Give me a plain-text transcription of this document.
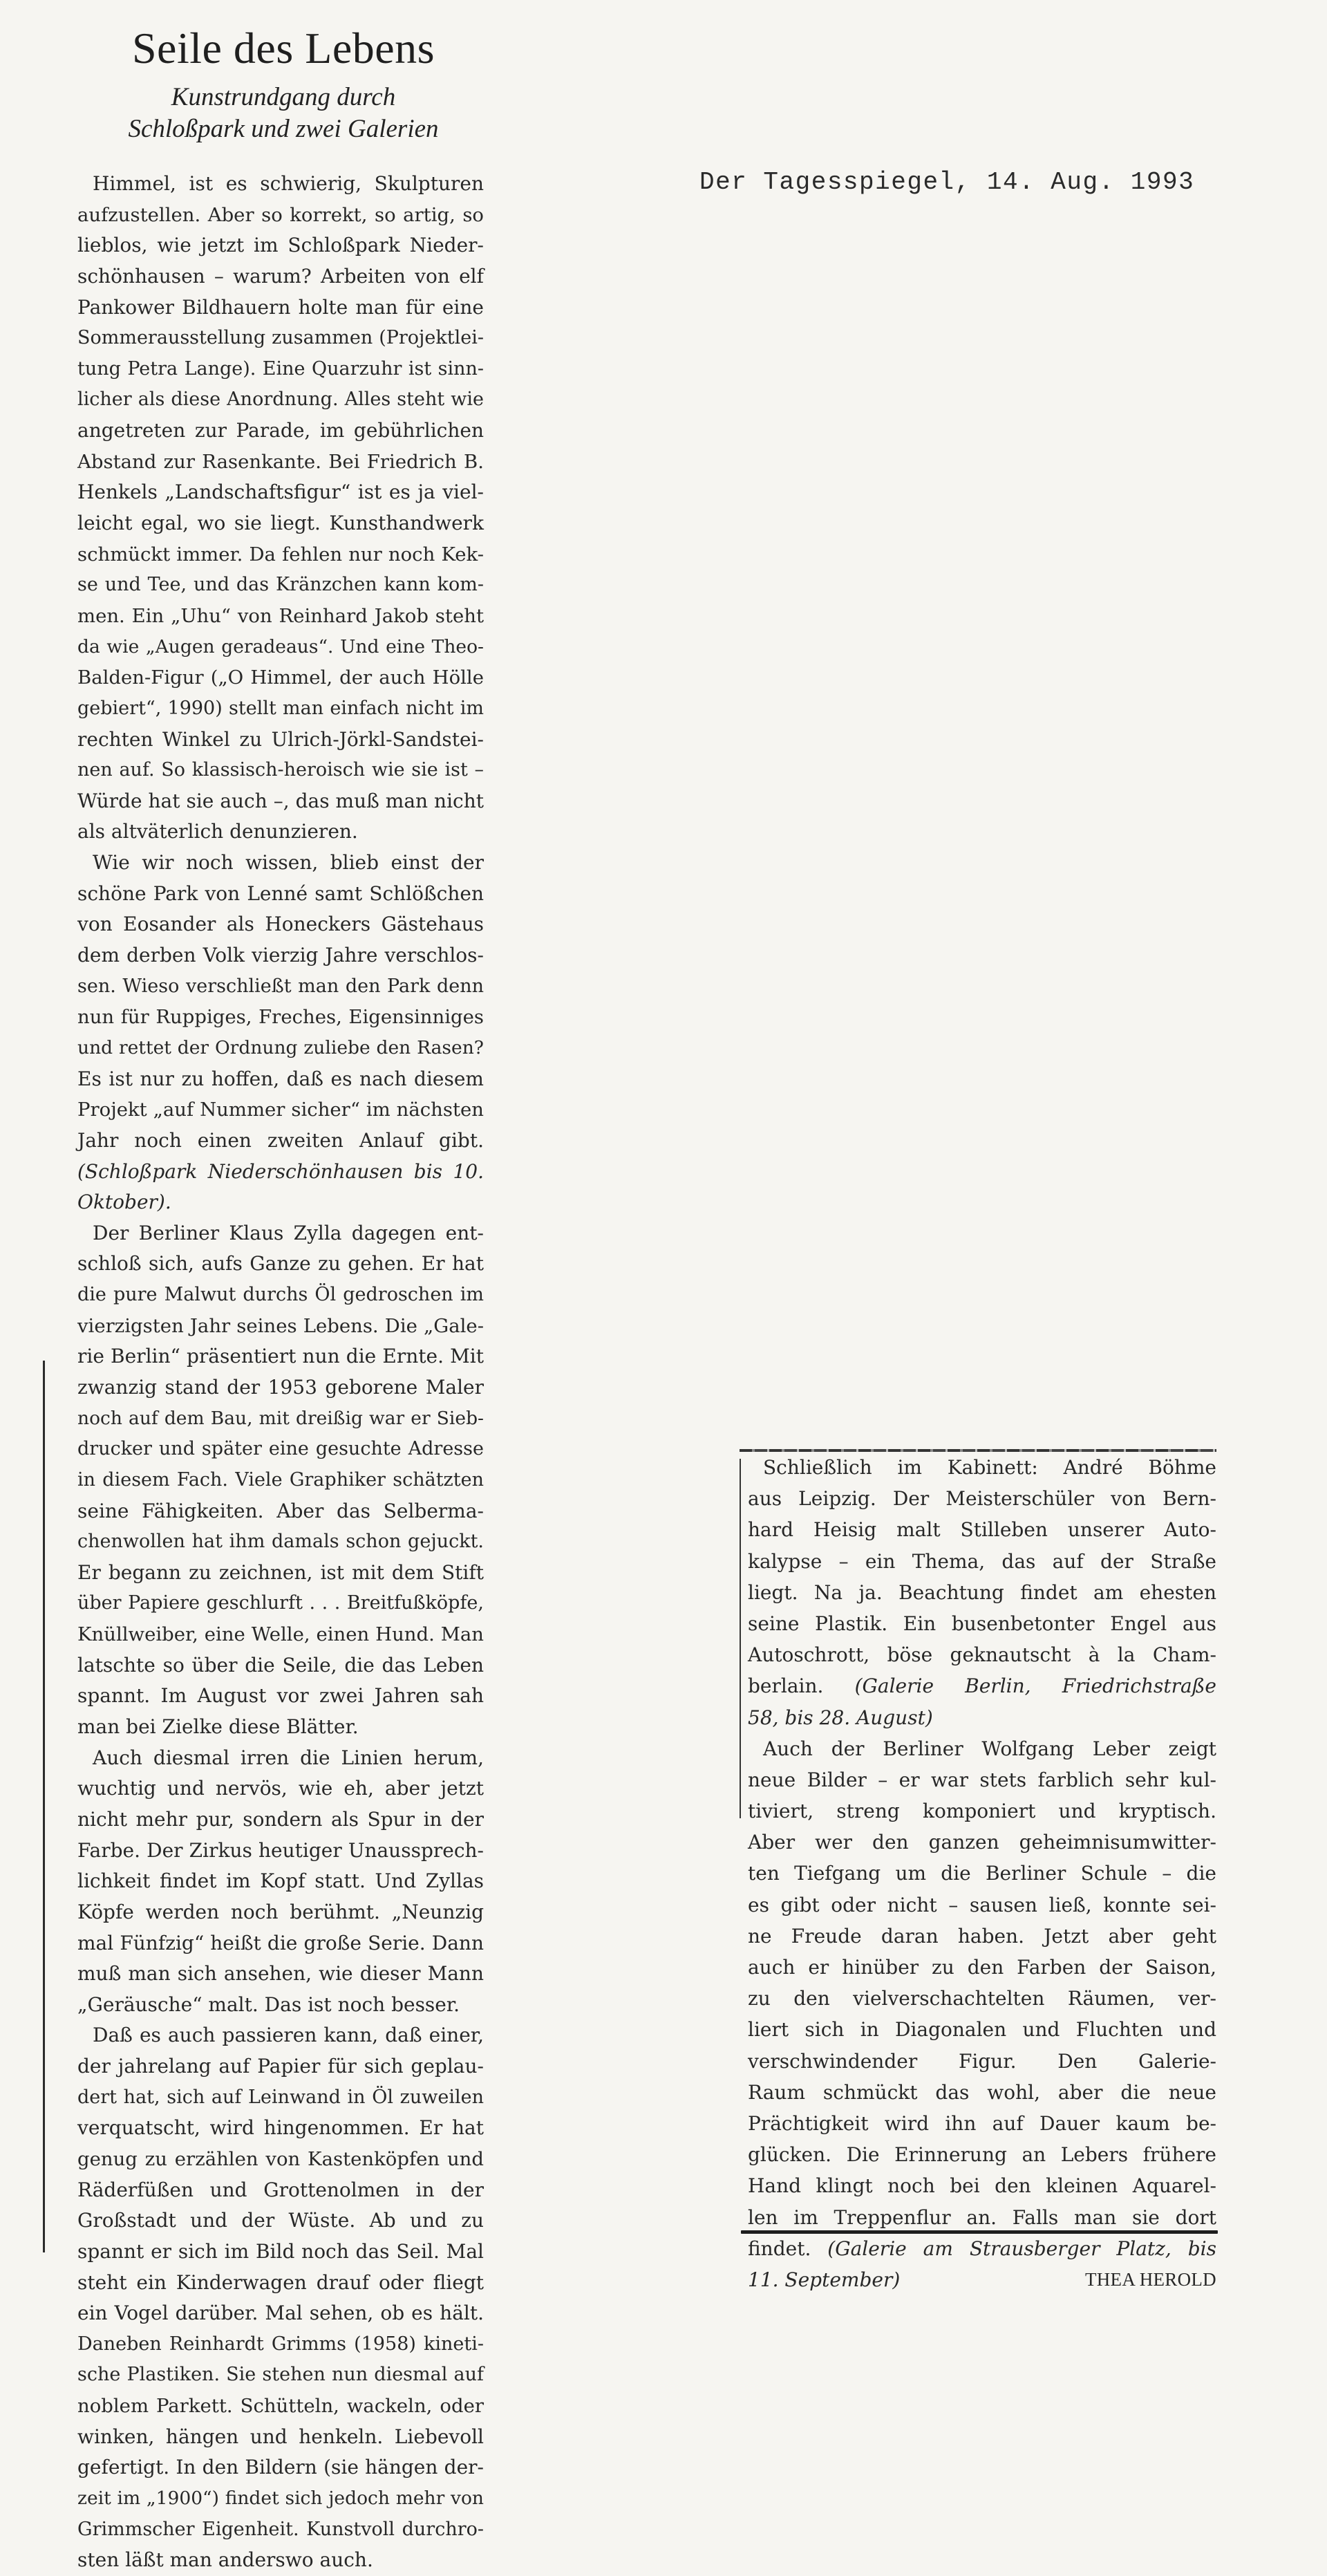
Seile des Lebens
Kunstrundgang durch
Schloßpark und zwei Galerien
Der Tagesspiegel, 14. Aug. 1993
Himmel, ist es schwierig, Skulpturen
aufzustellen. Aber so korrekt, so artig, so
lieblos, wie jetzt im Schloßpark Nieder-
schönhausen – warum? Arbeiten von elf
Pankower Bildhauern holte man für eine
Sommerausstellung zusammen (Projektlei-
tung Petra Lange). Eine Quarzuhr ist sinn-
licher als diese Anordnung. Alles steht wie
angetreten zur Parade, im gebührlichen
Abstand zur Rasenkante. Bei Friedrich B.
Henkels „Landschaftsfigur“ ist es ja viel-
leicht egal, wo sie liegt. Kunsthandwerk
schmückt immer. Da fehlen nur noch Kek-
se und Tee, und das Kränzchen kann kom-
men. Ein „Uhu“ von Reinhard Jakob steht
da wie „Augen geradeaus“. Und eine Theo-
Balden-Figur („O Himmel, der auch Hölle
gebiert“, 1990) stellt man einfach nicht im
rechten Winkel zu Ulrich-Jörkl-Sandstei-
nen auf. So klassisch-heroisch wie sie ist –
Würde hat sie auch –, das muß man nicht
als altväterlich denunzieren.
Wie wir noch wissen, blieb einst der
schöne Park von Lenné samt Schlößchen
von Eosander als Honeckers Gästehaus
dem derben Volk vierzig Jahre verschlos-
sen. Wieso verschließt man den Park denn
nun für Ruppiges, Freches, Eigensinniges
und rettet der Ordnung zuliebe den Rasen?
Es ist nur zu hoffen, daß es nach diesem
Projekt „auf Nummer sicher“ im nächsten
Jahr noch einen zweiten Anlauf gibt.
(Schloßpark Niederschönhausen bis 10.
Oktober).
Der Berliner Klaus Zylla dagegen ent-
schloß sich, aufs Ganze zu gehen. Er hat
die pure Malwut durchs Öl gedroschen im
vierzigsten Jahr seines Lebens. Die „Gale-
rie Berlin“ präsentiert nun die Ernte. Mit
zwanzig stand der 1953 geborene Maler
noch auf dem Bau, mit dreißig war er Sieb-
drucker und später eine gesuchte Adresse
in diesem Fach. Viele Graphiker schätzten
seine Fähigkeiten. Aber das Selberma-
chenwollen hat ihm damals schon gejuckt.
Er begann zu zeichnen, ist mit dem Stift
über Papiere geschlurft . . . Breitfußköpfe,
Knüllweiber, eine Welle, einen Hund. Man
latschte so über die Seile, die das Leben
spannt. Im August vor zwei Jahren sah
man bei Zielke diese Blätter.
Auch diesmal irren die Linien herum,
wuchtig und nervös, wie eh, aber jetzt
nicht mehr pur, sondern als Spur in der
Farbe. Der Zirkus heutiger Unaussprech-
lichkeit findet im Kopf statt. Und Zyllas
Köpfe werden noch berühmt. „Neunzig
mal Fünfzig“ heißt die große Serie. Dann
muß man sich ansehen, wie dieser Mann
„Geräusche“ malt. Das ist noch besser.
Daß es auch passieren kann, daß einer,
der jahrelang auf Papier für sich geplau-
dert hat, sich auf Leinwand in Öl zuweilen
verquatscht, wird hingenommen. Er hat
genug zu erzählen von Kastenköpfen und
Räderfüßen und Grottenolmen in der
Großstadt und der Wüste. Ab und zu
spannt er sich im Bild noch das Seil. Mal
steht ein Kinderwagen drauf oder fliegt
ein Vogel darüber. Mal sehen, ob es hält.
Daneben Reinhardt Grimms (1958) kineti-
sche Plastiken. Sie stehen nun diesmal auf
noblem Parkett. Schütteln, wackeln, oder
winken, hängen und henkeln. Liebevoll
gefertigt. In den Bildern (sie hängen der-
zeit im „1900“) findet sich jedoch mehr von
Grimmscher Eigenheit. Kunstvoll durchro-
sten läßt man anderswo auch.
Schließlich im Kabinett: André Böhme
aus Leipzig. Der Meisterschüler von Bern-
hard Heisig malt Stilleben unserer Auto-
kalypse – ein Thema, das auf der Straße
liegt. Na ja. Beachtung findet am ehesten
seine Plastik. Ein busenbetonter Engel aus
Autoschrott, böse geknautscht à la Cham-
berlain. (Galerie Berlin, Friedrichstraße
58, bis 28. August)
Auch der Berliner Wolfgang Leber zeigt
neue Bilder – er war stets farblich sehr kul-
tiviert, streng komponiert und kryptisch.
Aber wer den ganzen geheimnisumwitter-
ten Tiefgang um die Berliner Schule – die
es gibt oder nicht – sausen ließ, konnte sei-
ne Freude daran haben. Jetzt aber geht
auch er hinüber zu den Farben der Saison,
zu den vielverschachtelten Räumen, ver-
liert sich in Diagonalen und Fluchten und
verschwindender Figur. Den Galerie-
Raum schmückt das wohl, aber die neue
Prächtigkeit wird ihn auf Dauer kaum be-
glücken. Die Erinnerung an Lebers frühere
Hand klingt noch bei den kleinen Aquarel-
len im Treppenflur an. Falls man sie dort
findet. (Galerie am Strausberger Platz, bis
11. September)	THEA HEROLD
